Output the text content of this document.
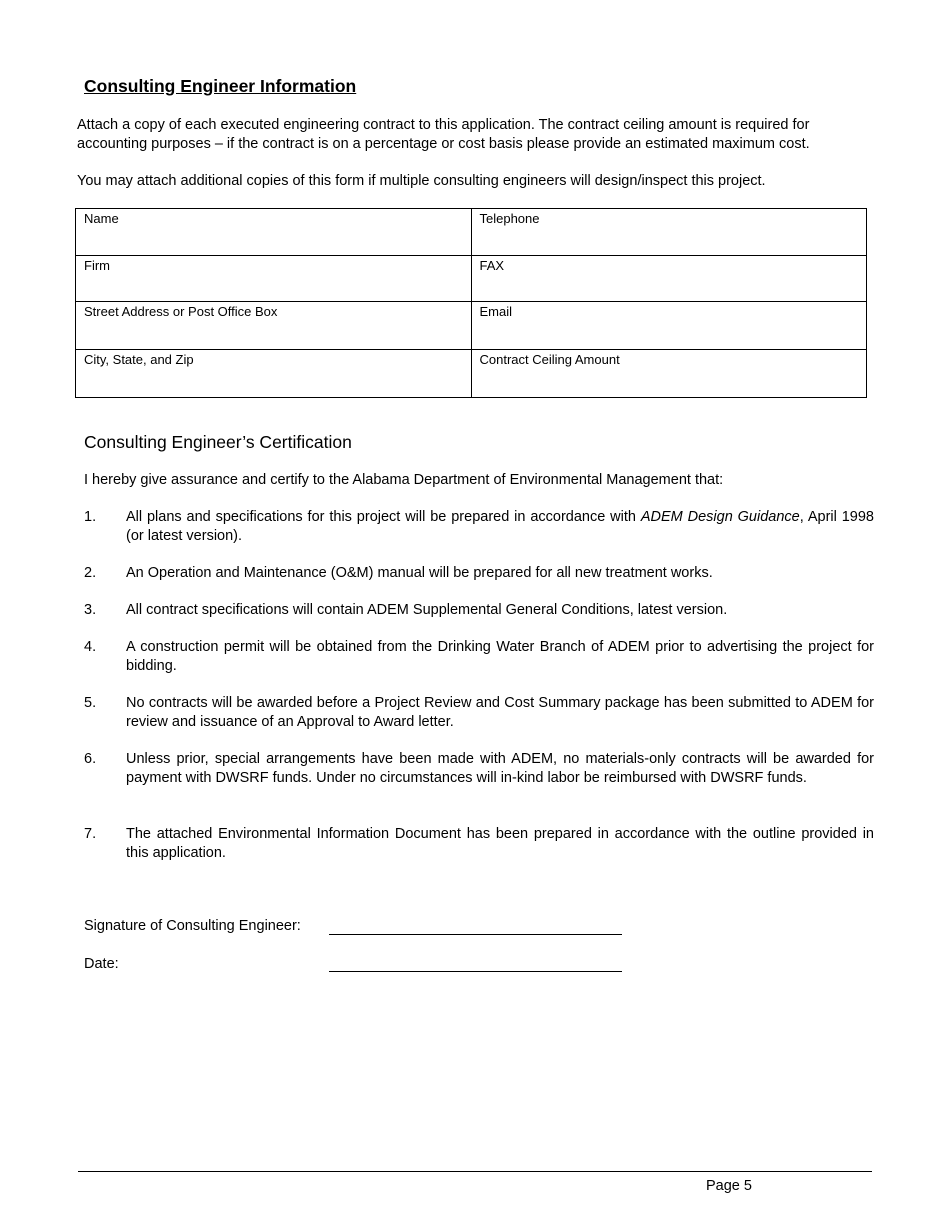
Consulting Engineer Information
Attach a copy of each executed engineering contract to this application. The contract ceiling amount is required for accounting purposes – if the contract is on a percentage or cost basis please provide an estimated maximum cost.
You may attach additional copies of this form if multiple consulting engineers will design/inspect this project.
Name	Telephone
Firm	FAX
Street Address or Post Office Box	Email
City, State, and Zip	Contract Ceiling Amount
Consulting Engineer’s Certification
I hereby give assurance and certify to the Alabama Department of Environmental Management that:
1. All plans and specifications for this project will be prepared in accordance with ADEM Design Guidance, April 1998 (or latest version).
2. An Operation and Maintenance (O&M) manual will be prepared for all new treatment works.
3. All contract specifications will contain ADEM Supplemental General Conditions, latest version.
4. A construction permit will be obtained from the Drinking Water Branch of ADEM prior to advertising the project for bidding.
5. No contracts will be awarded before a Project Review and Cost Summary package has been submitted to ADEM for review and issuance of an Approval to Award letter.
6. Unless prior, special arrangements have been made with ADEM, no materials-only contracts will be awarded for payment with DWSRF funds. Under no circumstances will in-kind labor be reimbursed with DWSRF funds.
7. The attached Environmental Information Document has been prepared in accordance with the outline provided in this application.
Signature of Consulting Engineer:
Date:
Page 5
